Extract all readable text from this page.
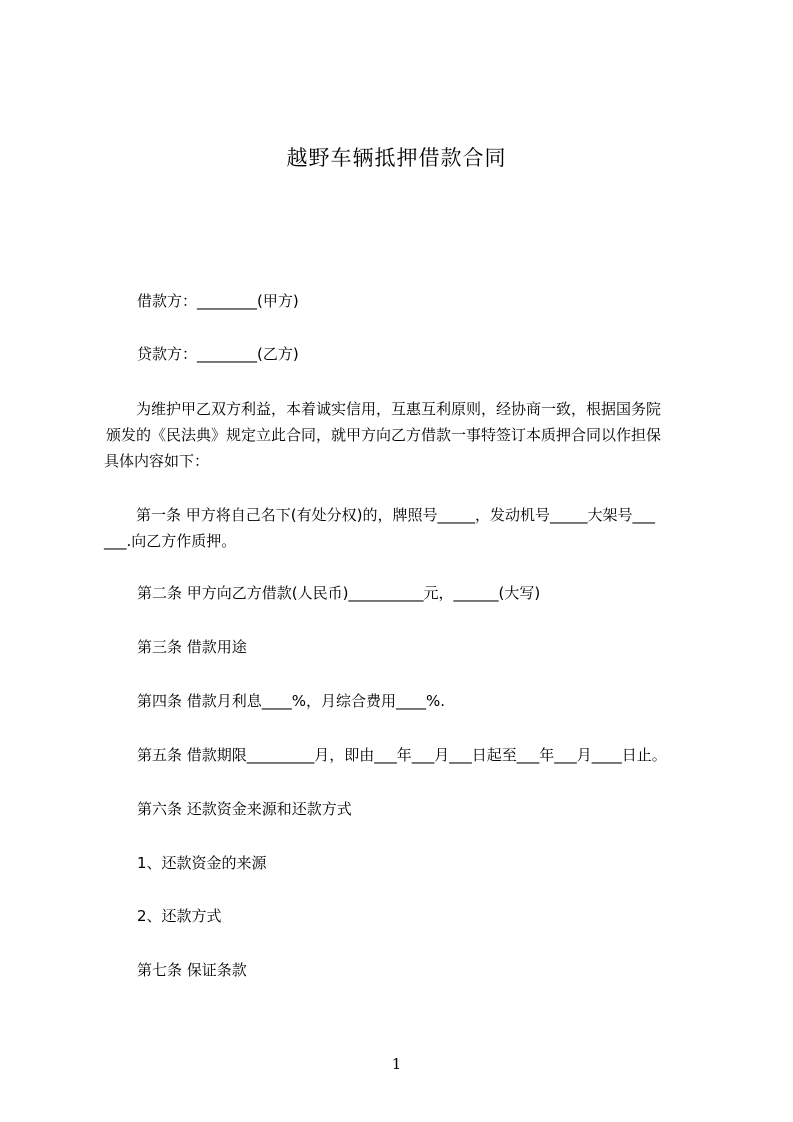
越野车辆抵押借款合同
借款方：________(甲方)
贷款方：________(乙方)
为维护甲乙双方利益，本着诚实信用，互惠互利原则，经协商一致，根据国务院
颁发的《民法典》规定立此合同，就甲方向乙方借款一事特签订本质押合同以作担保
具体内容如下：
第一条 甲方将自己名下(有处分权)的，牌照号_____，发动机号_____大架号___
___.向乙方作质押。
第二条 甲方向乙方借款(人民币)__________元，______(大写)
第三条 借款用途
第四条 借款月利息____%，月综合费用____%.
第五条 借款期限_________月，即由___年___月___日起至___年___月____日止。
第六条 还款资金来源和还款方式
1、还款资金的来源
2、还款方式
第七条 保证条款
1
